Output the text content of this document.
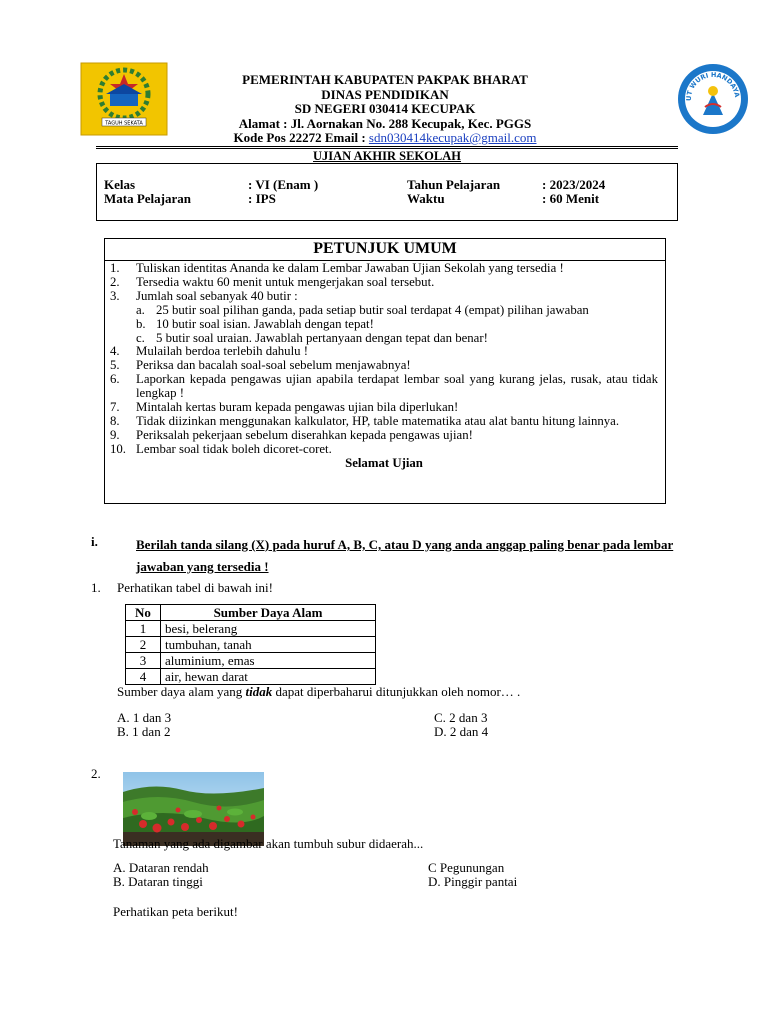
TAGUH SEKATA
PEMERINTAH KABUPATEN PAKPAK BHARAT
DINAS PENDIDIKAN
SD NEGERI 030414 KECUPAK
Alamat : Jl. Aornakan No. 288 Kecupak, Kec. PGGS
Kode Pos 22272 Email : sdn030414kecupak@gmail.com
UT WURI HANDAYA
UJIAN AKHIR SEKOLAH
Kelas	: VI (Enam )
Mata Pelajaran	: IPS
Tahun Pelajaran	: 2023/2024
Waktu	: 60 Menit
PETUNJUK UMUM
1.	Tuliskan identitas Ananda ke dalam Lembar Jawaban Ujian Sekolah yang tersedia !
2.	Tersedia waktu 60 menit untuk mengerjakan soal tersebut.
3.	Jumlah soal sebanyak 40 butir :
a. 25 butir soal pilihan ganda, pada setiap butir soal terdapat 4 (empat) pilihan jawaban
b. 10 butir soal isian. Jawablah dengan tepat!
c. 5 butir soal uraian. Jawablah pertanyaan dengan tepat dan benar!
4.	Mulailah berdoa terlebih dahulu !
5.	Periksa dan bacalah soal-soal sebelum menjawabnya!
6.	Laporkan kepada pengawas ujian apabila terdapat lembar soal yang kurang jelas, rusak, atau tidak lengkap !
7.	Mintalah kertas buram kepada pengawas ujian bila diperlukan!
8.	Tidak diizinkan menggunakan kalkulator, HP, table matematika atau alat bantu hitung lainnya.
9.	Periksalah pekerjaan sebelum diserahkan kepada pengawas ujian!
10. Lembar soal tidak boleh dicoret-coret.
Selamat Ujian
i.	Berilah tanda silang (X) pada huruf A, B, C, atau D yang anda anggap paling benar pada lembar jawaban yang tersedia !
1. Perhatikan tabel di bawah ini!
No	Sumber Daya Alam
1	besi, belerang
2	tumbuhan, tanah
3	aluminium, emas
4	air, hewan darat
Sumber daya alam yang tidak dapat diperbaharui ditunjukkan oleh nomor… .
A. 1 dan 3
B. 1 dan 2
C. 2 dan 3
D. 2 dan 4
2.
Tanaman yang ada digambar akan tumbuh subur didaerah...
A. Dataran rendah
B. Dataran tinggi
C Pegunungan
D. Pinggir pantai
Perhatikan peta berikut!
